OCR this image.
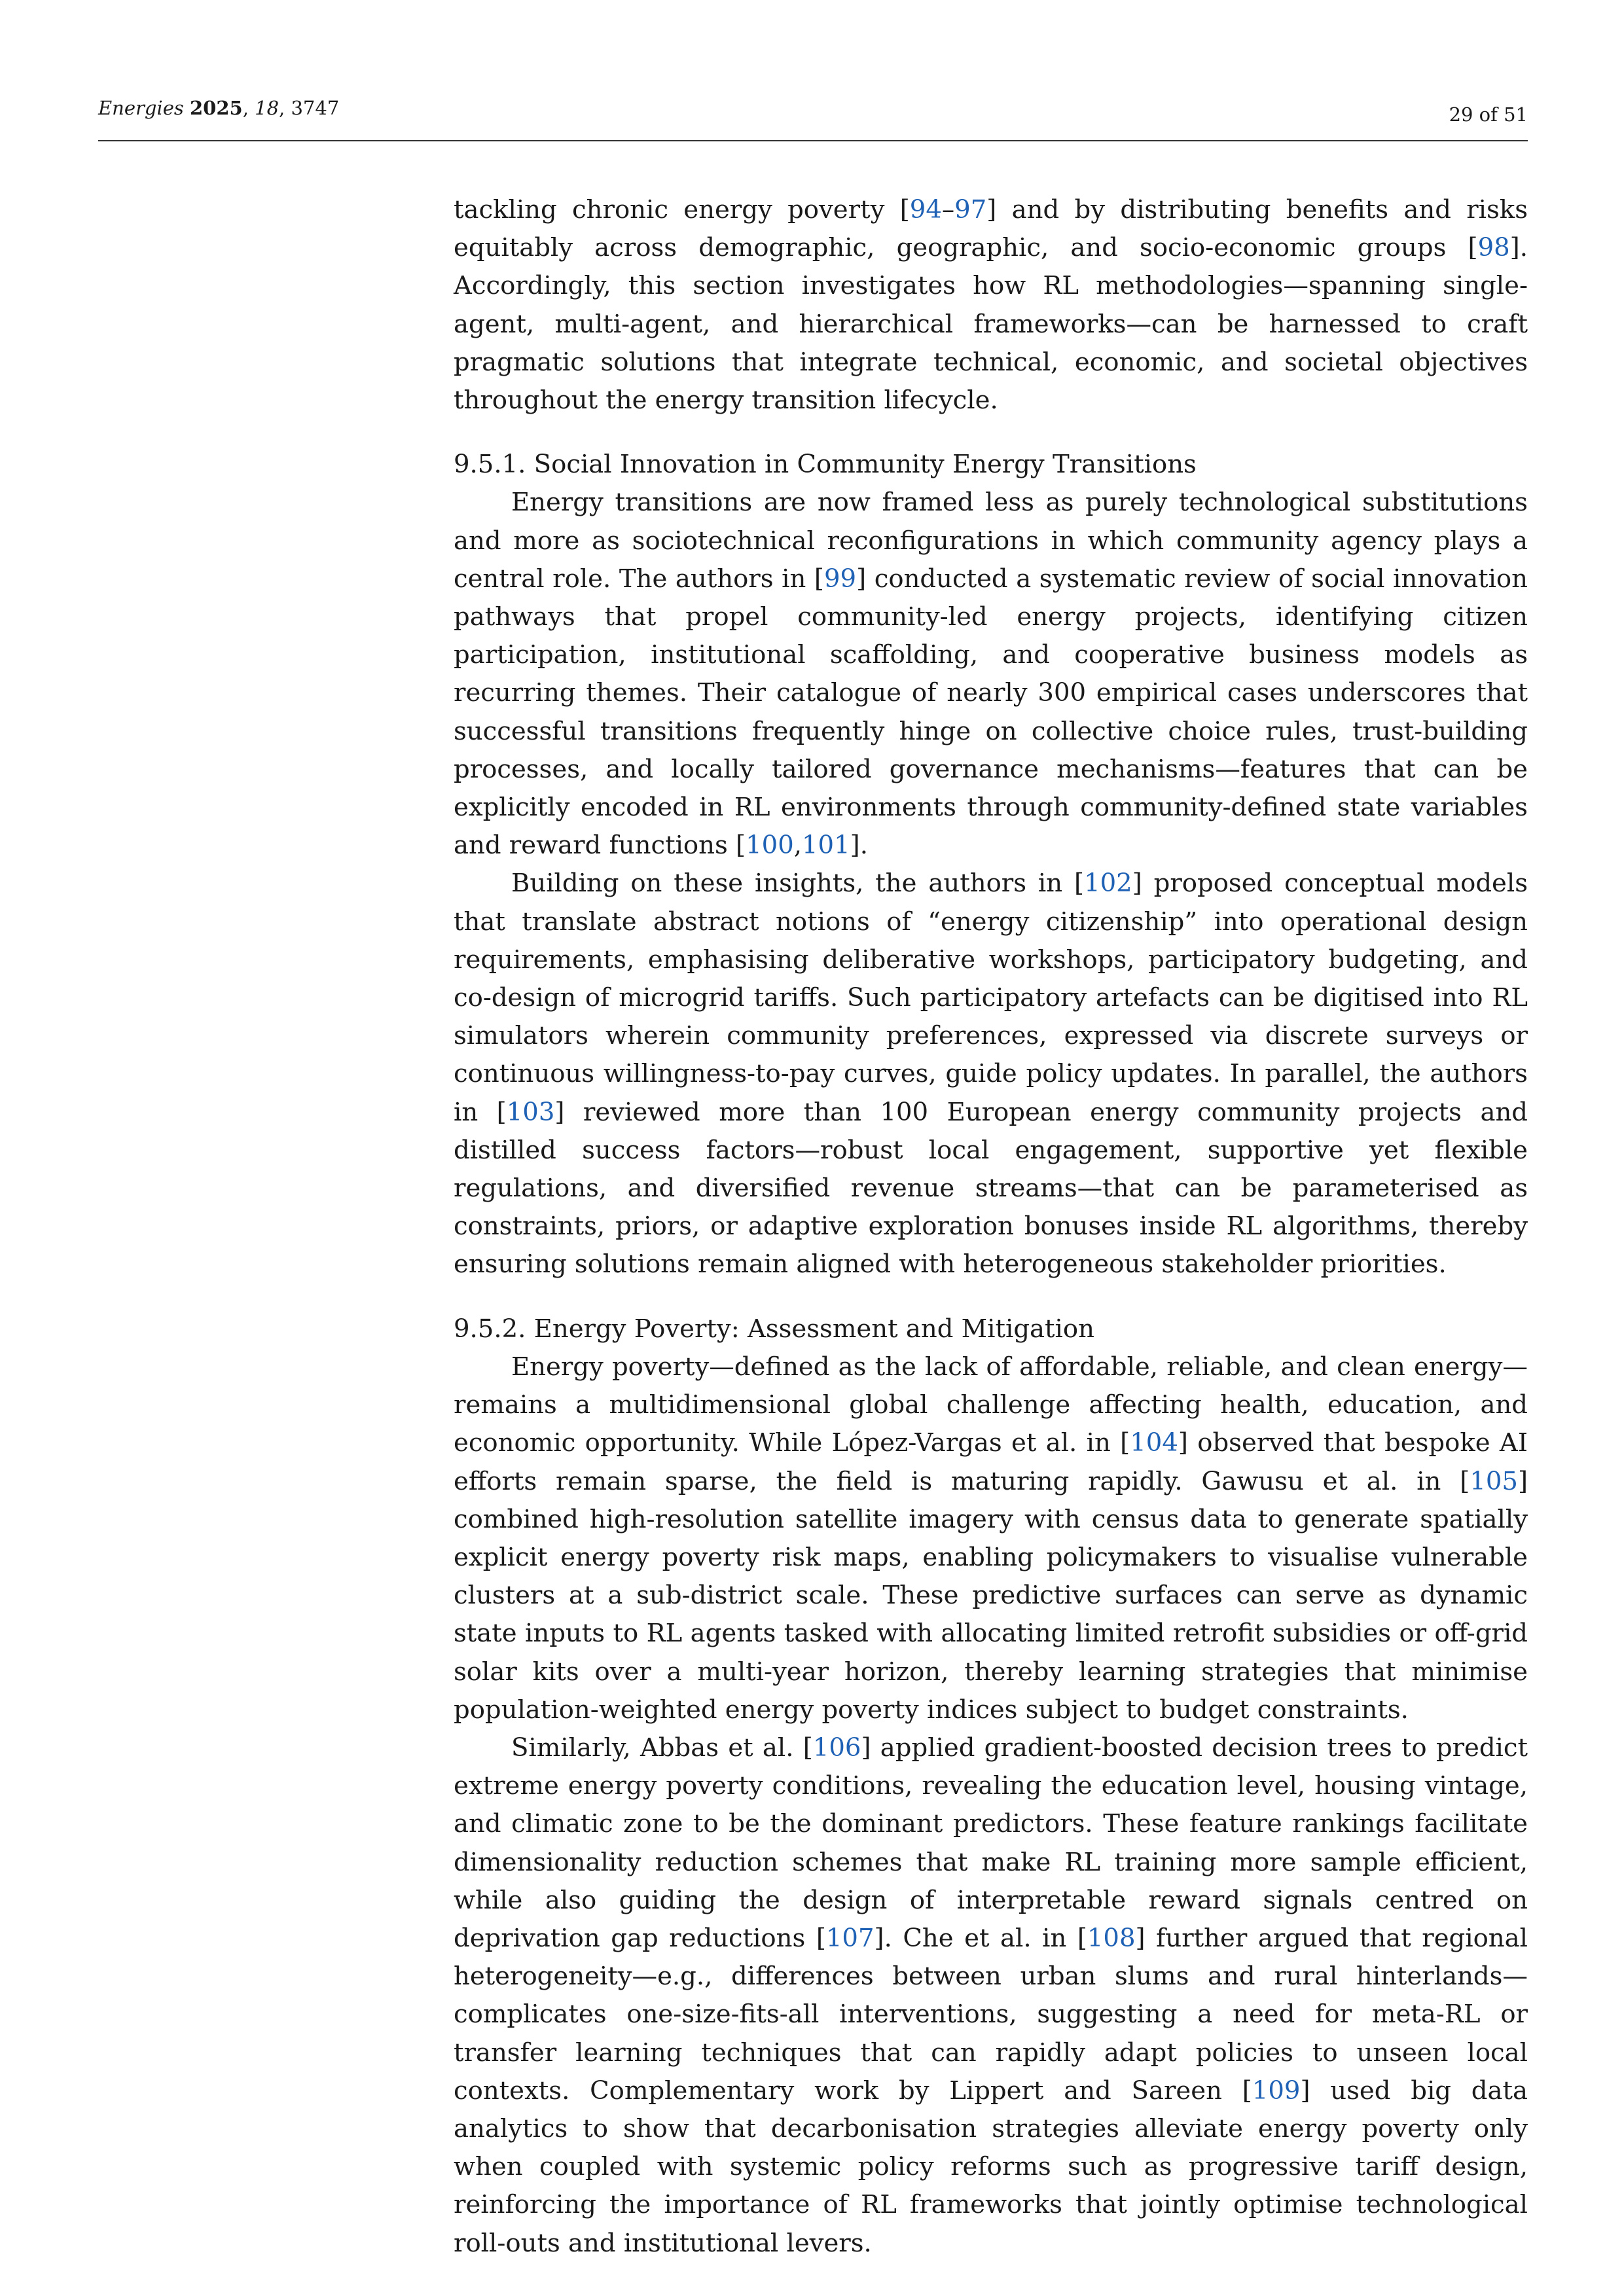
Energies 2025, 18, 3747	29 of 51

tackling chronic energy poverty [94–97] and by distributing benefits and risks equitably across demographic, geographic, and socio-economic groups [98]. Accordingly, this section investigates how RL methodologies—spanning single-agent, multi-agent, and hierarchical frameworks—can be harnessed to craft pragmatic solutions that integrate technical, economic, and societal objectives throughout the energy transition lifecycle.

9.5.1. Social Innovation in Community Energy Transitions

Energy transitions are now framed less as purely technological substitutions and more as sociotechnical reconfigurations in which community agency plays a central role. The authors in [99] conducted a systematic review of social innovation pathways that propel community-led energy projects, identifying citizen participation, institutional scaffolding, and cooperative business models as recurring themes. Their catalogue of nearly 300 empirical cases underscores that successful transitions frequently hinge on collective choice rules, trust-building processes, and locally tailored governance mechanisms—features that can be explicitly encoded in RL environments through community-defined state variables and reward functions [100,101].

Building on these insights, the authors in [102] proposed conceptual models that translate abstract notions of “energy citizenship” into operational design requirements, emphasising deliberative workshops, participatory budgeting, and co-design of microgrid tariffs. Such participatory artefacts can be digitised into RL simulators wherein community preferences, expressed via discrete surveys or continuous willingness-to-pay curves, guide policy updates. In parallel, the authors in [103] reviewed more than 100 European energy community projects and distilled success factors—robust local engagement, supportive yet flexible regulations, and diversified revenue streams—that can be parameterised as constraints, priors, or adaptive exploration bonuses inside RL algorithms, thereby ensuring solutions remain aligned with heterogeneous stakeholder priorities.

9.5.2. Energy Poverty: Assessment and Mitigation

Energy poverty—defined as the lack of affordable, reliable, and clean energy—remains a multidimensional global challenge affecting health, education, and economic opportunity. While López-Vargas et al. in [104] observed that bespoke AI efforts remain sparse, the field is maturing rapidly. Gawusu et al. in [105] combined high-resolution satellite imagery with census data to generate spatially explicit energy poverty risk maps, enabling policymakers to visualise vulnerable clusters at a sub-district scale. These predictive surfaces can serve as dynamic state inputs to RL agents tasked with allocating limited retrofit subsidies or off-grid solar kits over a multi-year horizon, thereby learning strategies that minimise population-weighted energy poverty indices subject to budget constraints.

Similarly, Abbas et al. [106] applied gradient-boosted decision trees to predict extreme energy poverty conditions, revealing the education level, housing vintage, and climatic zone to be the dominant predictors. These feature rankings facilitate dimensionality reduction schemes that make RL training more sample efficient, while also guiding the design of interpretable reward signals centred on deprivation gap reductions [107]. Che et al. in [108] further argued that regional heterogeneity—e.g., differences between urban slums and rural hinterlands—complicates one-size-fits-all interventions, suggesting a need for meta-RL or transfer learning techniques that can rapidly adapt policies to unseen local contexts. Complementary work by Lippert and Sareen [109] used big data analytics to show that decarbonisation strategies alleviate energy poverty only when coupled with systemic policy reforms such as progressive tariff design, reinforcing the importance of RL frameworks that jointly optimise technological roll-outs and institutional levers.
